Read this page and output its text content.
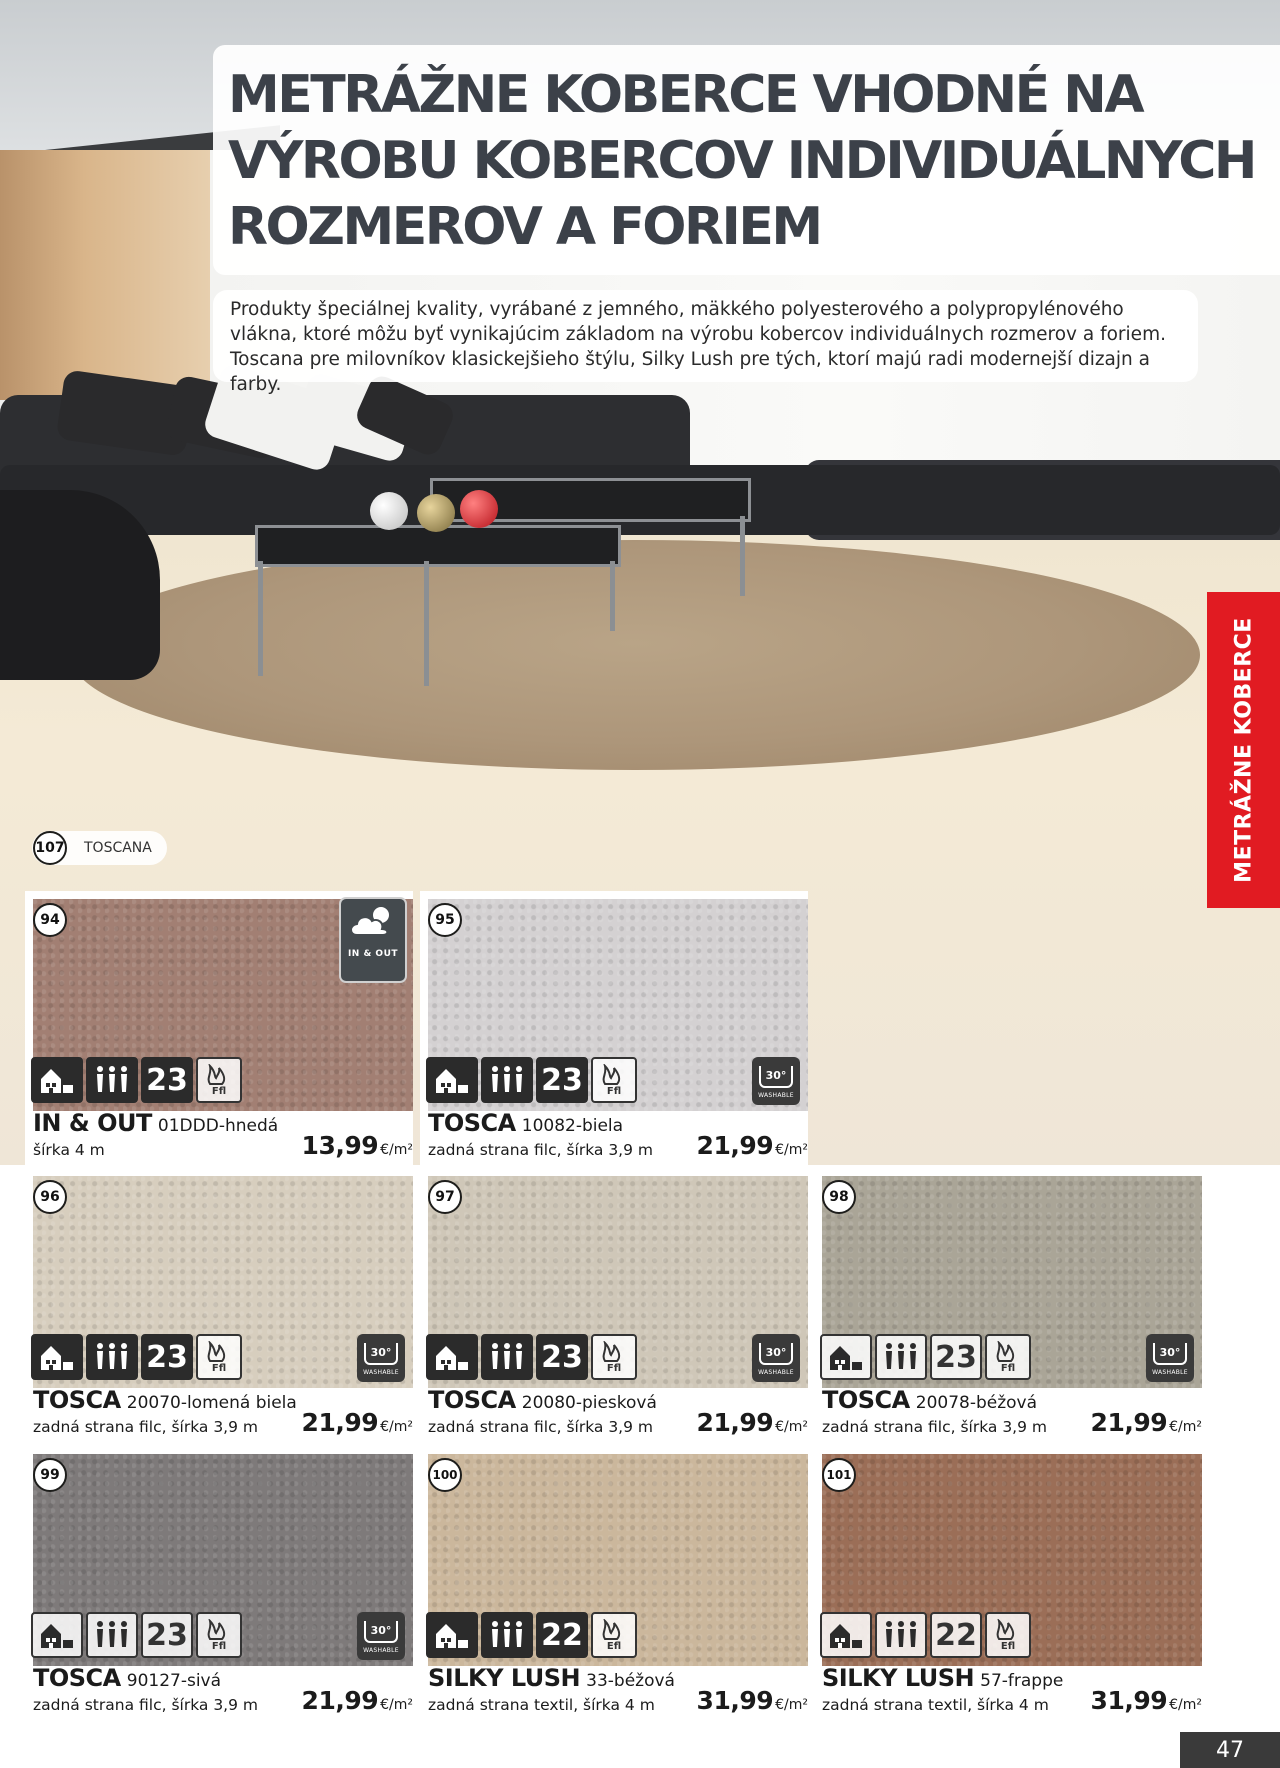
METRÁŽNE KOBERCE VHODNÉ NA VÝROBU KOBERCOV INDIVIDUÁLNYCH ROZMEROV A FORIEM

Produkty špeciálnej kvality, vyrábané z jemného, mäkkého polyesterového a polypropylénového vlákna, ktoré môžu byť vynikajúcim základom na výrobu kobercov individuálnych rozmerov a foriem. Toscana pre milovníkov klasickejšieho štýlu, Silky Lush pre tých, ktorí majú radi modernejší dizajn a farby.

TOSCANA
107	METRÁŽNE KOBERCE
23 Ffl
IN & OUT
IN & OUT 01DDD-hnedá
šírka 4 m	13,99 €/m²
94
23 Ffl
30°
WASHABLE
TOSCA 10082-biela
zadná strana filc, šírka 3,9 m 21,99 €/m²
95
23 Ffl
30°
WASHABLE
TOSCA 20070-lomená biela
zadná strana filc, šírka 3,9 m 21,99 €/m²
96
23 Ffl
30°
WASHABLE
TOSCA 20080-piesková
zadná strana filc, šírka 3,9 m 21,99 €/m²
97
23 Ffl
30°
WASHABLE
TOSCA 20078-béžová
zadná strana filc, šírka 3,9 m 21,99 €/m²
98
23 Ffl
30°
WASHABLE
TOSCA 90127-sivá
zadná strana filc, šírka 3,9 m 21,99 €/m²
99
22 Efl
SILKY LUSH 33-béžová
zadná strana textil, šírka 4 m 31,99 €/m²
100
22 Efl
SILKY LUSH 57-frappe
zadná strana textil, šírka 4 m 31,99 €/m²
101
47
